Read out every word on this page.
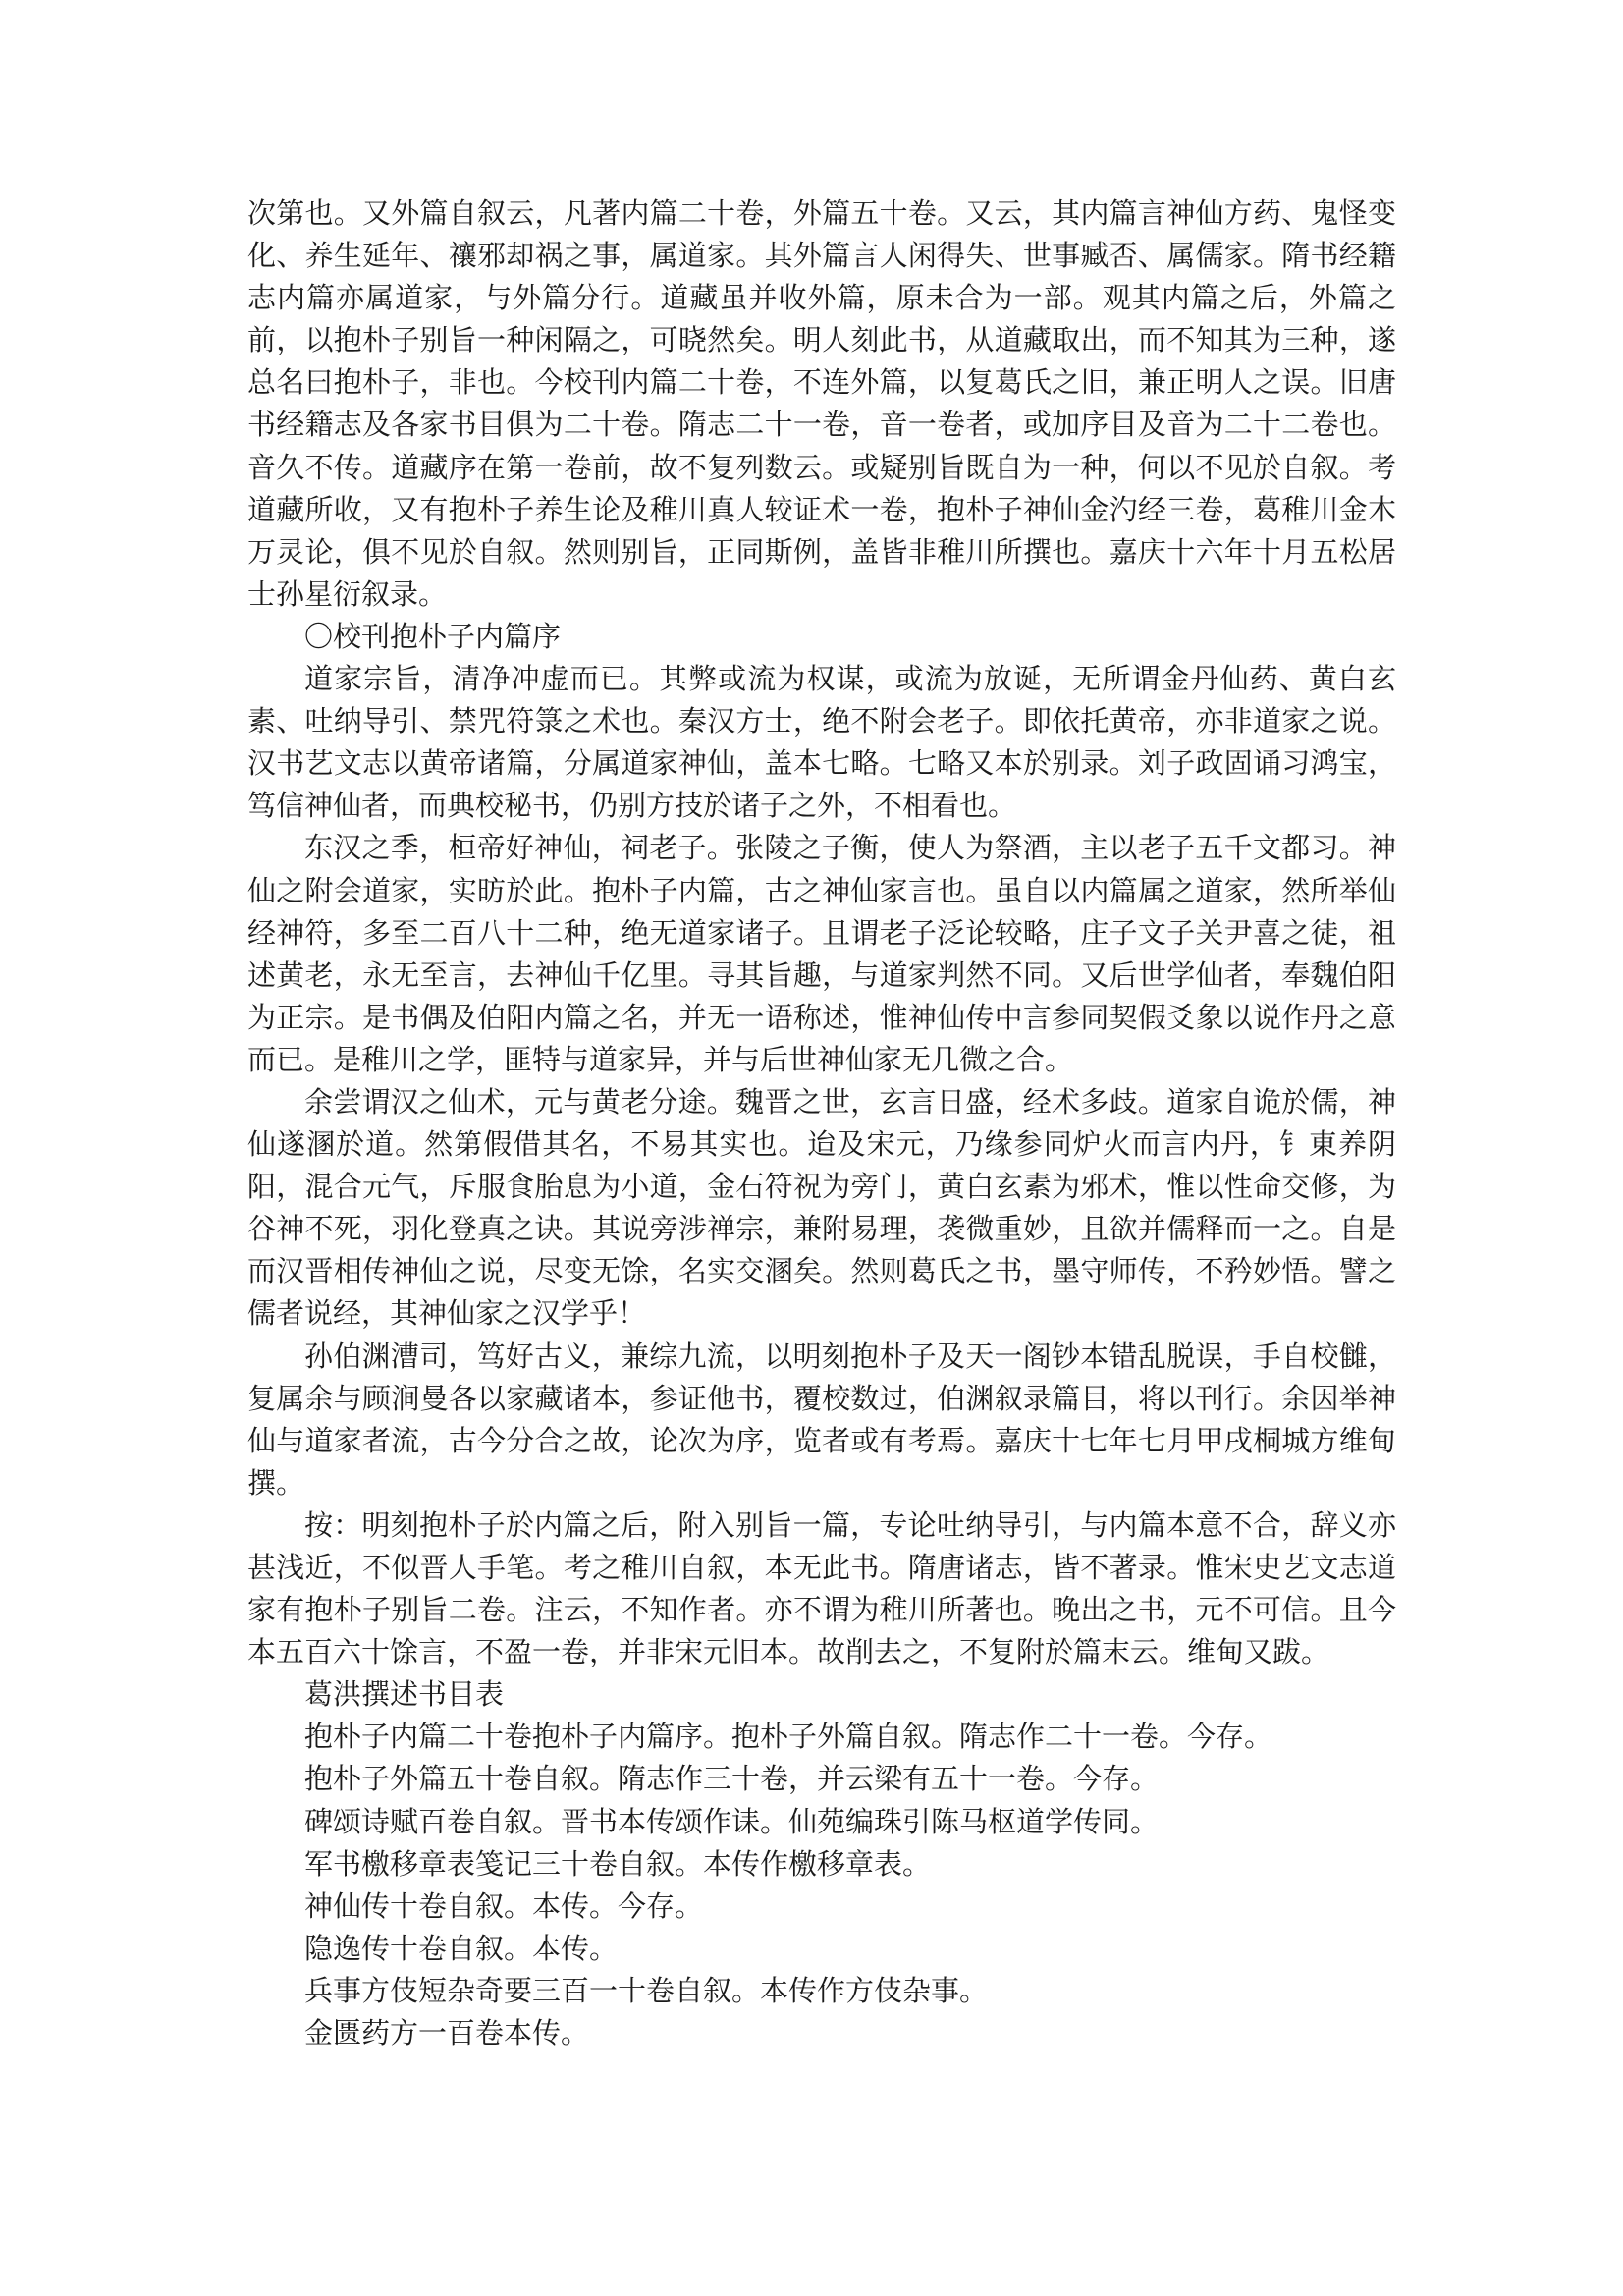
次第也。又外篇自叙云，凡著内篇二十卷，外篇五十卷。又云，其内篇言神仙方药、鬼怪变化、养生延年、禳邪却祸之事，属道家。其外篇言人闲得失、世事臧否、属儒家。隋书经籍志内篇亦属道家，与外篇分行。道藏虽并收外篇，原未合为一部。观其内篇之后，外篇之前，以抱朴子别旨一种闲隔之，可晓然矣。明人刻此书，从道藏取出，而不知其为三种，遂总名曰抱朴子，非也。今校刊内篇二十卷，不连外篇，以复葛氏之旧，兼正明人之误。旧唐书经籍志及各家书目俱为二十卷。隋志二十一卷，音一卷者，或加序目及音为二十二卷也。音久不传。道藏序在第一卷前，故不复列数云。或疑别旨既自为一种，何以不见於自叙。考道藏所收，又有抱朴子养生论及稚川真人较证术一卷，抱朴子神仙金汋经三卷，葛稚川金木万灵论，俱不见於自叙。然则别旨，正同斯例，盖皆非稚川所撰也。嘉庆十六年十月五松居士孙星衍叙录。

〇校刊抱朴子内篇序

道家宗旨，清净冲虚而已。其弊或流为权谋，或流为放诞，无所谓金丹仙药、黄白玄素、吐纳导引、禁咒符箓之术也。秦汉方士，绝不附会老子。即依托黄帝，亦非道家之说。汉书艺文志以黄帝诸篇，分属道家神仙，盖本七略。七略又本於别录。刘子政固诵习鸿宝，笃信神仙者，而典校秘书，仍别方技於诸子之外，不相看也。

东汉之季，桓帝好神仙，祠老子。张陵之子衡，使人为祭酒，主以老子五千文都习。神仙之附会道家，实昉於此。抱朴子内篇，古之神仙家言也。虽自以内篇属之道家，然所举仙经神符，多至二百八十二种，绝无道家诸子。且谓老子泛论较略，庄子文子关尹喜之徒，祖述黄老，永无至言，去神仙千亿里。寻其旨趣，与道家判然不同。又后世学仙者，奉魏伯阳为正宗。是书偶及伯阳内篇之名，并无一语称述，惟神仙传中言参同契假爻象以说作丹之意而已。是稚川之学，匪特与道家异，并与后世神仙家无几微之合。

余尝谓汉之仙术，元与黄老分途。魏晋之世，玄言日盛，经术多歧。道家自诡於儒，神仙遂溷於道。然第假借其名，不易其实也。迨及宋元，乃缘参同炉火而言内丹，钅東养阴阳，混合元气，斥服食胎息为小道，金石符祝为旁门，黄白玄素为邪术，惟以性命交修，为谷神不死，羽化登真之诀。其说旁涉禅宗，兼附易理，袭微重妙，且欲并儒释而一之。自是而汉晋相传神仙之说，尽变无馀，名实交溷矣。然则葛氏之书，墨守师传，不矜妙悟。譬之儒者说经，其神仙家之汉学乎！

孙伯渊漕司，笃好古义，兼综九流，以明刻抱朴子及天一阁钞本错乱脱误，手自校雠，复属余与顾涧曼各以家藏诸本，参证他书，覆校数过，伯渊叙录篇目，将以刊行。余因举神仙与道家者流，古今分合之故，论次为序，览者或有考焉。嘉庆十七年七月甲戌桐城方维甸撰。

按：明刻抱朴子於内篇之后，附入别旨一篇，专论吐纳导引，与内篇本意不合，辞义亦甚浅近，不似晋人手笔。考之稚川自叙，本无此书。隋唐诸志，皆不著录。惟宋史艺文志道家有抱朴子别旨二卷。注云，不知作者。亦不谓为稚川所著也。晚出之书，元不可信。且今本五百六十馀言，不盈一卷，并非宋元旧本。故削去之，不复附於篇末云。维甸又跋。

葛洪撰述书目表

抱朴子内篇二十卷抱朴子内篇序。抱朴子外篇自叙。隋志作二十一卷。今存。

抱朴子外篇五十卷自叙。隋志作三十卷，并云梁有五十一卷。今存。

碑颂诗赋百卷自叙。晋书本传颂作诔。仙苑编珠引陈马枢道学传同。

军书檄移章表笺记三十卷自叙。本传作檄移章表。

神仙传十卷自叙。本传。今存。

隐逸传十卷自叙。本传。

兵事方伎短杂奇要三百一十卷自叙。本传作方伎杂事。

金匮药方一百卷本传。
